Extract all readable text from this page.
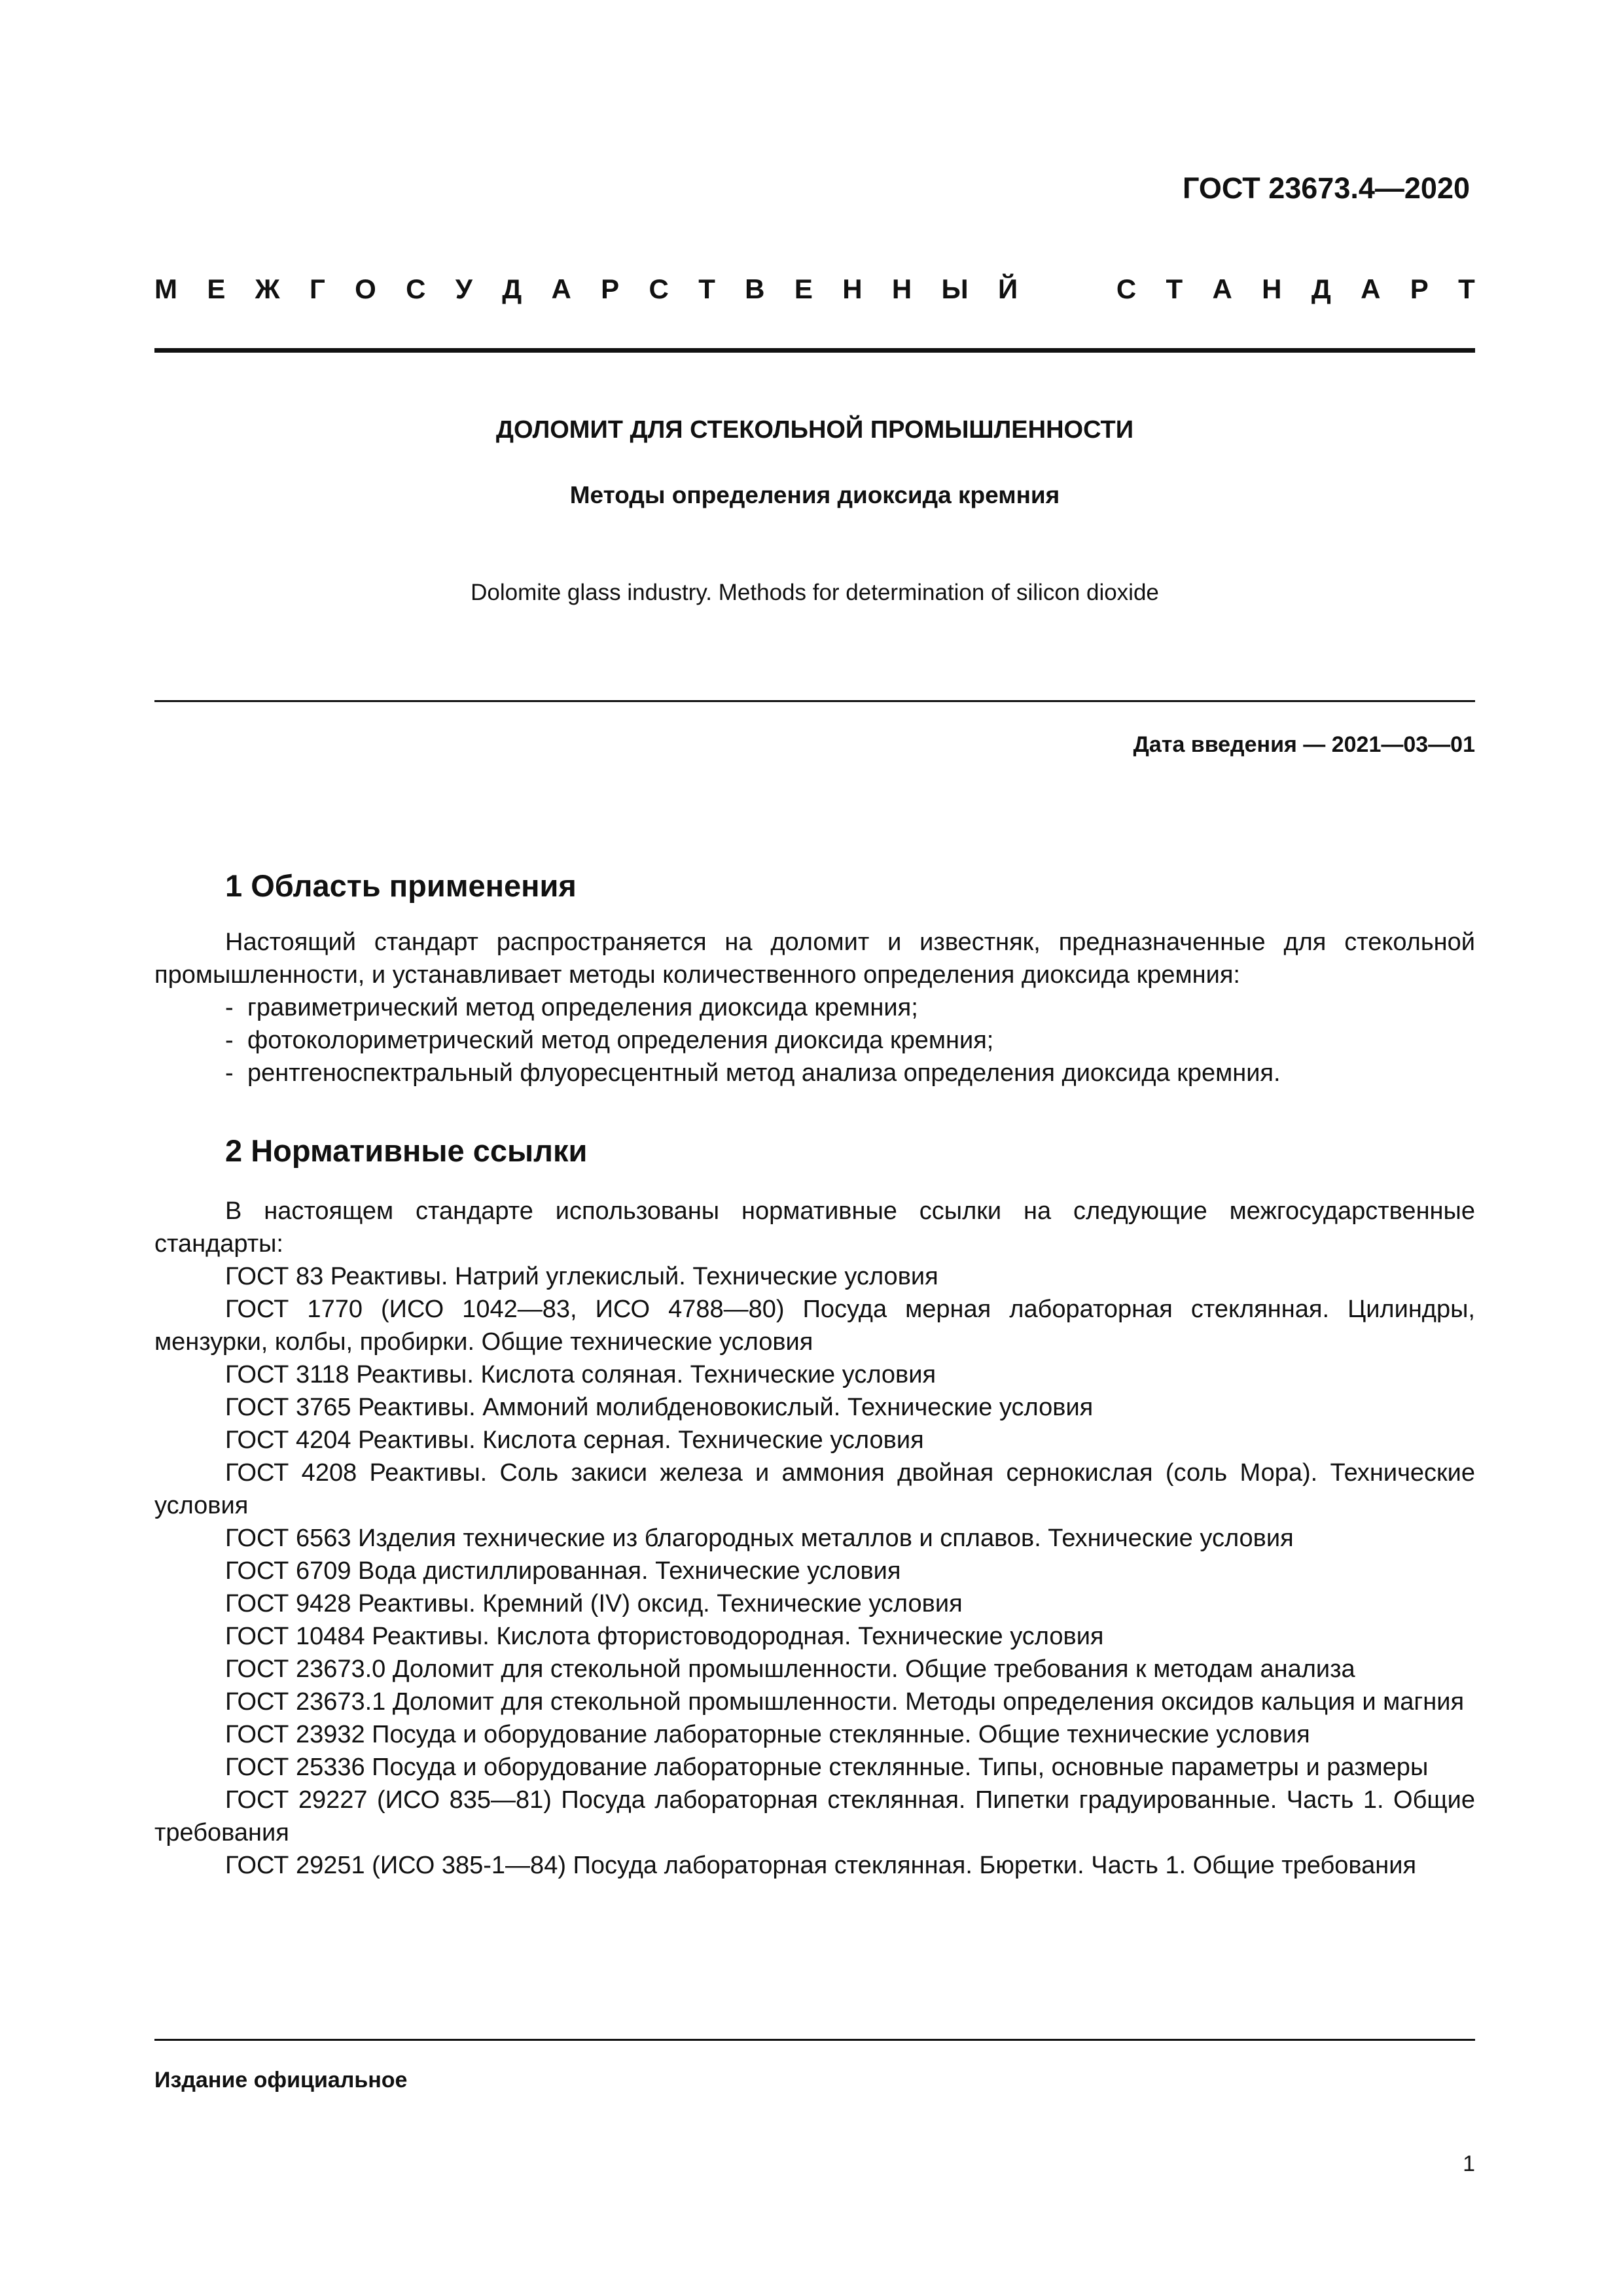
ГОСТ 23673.4—2020
М Е Ж Г О С У Д А Р С Т В Е Н Н Ы Й	С Т А Н Д А Р Т
ДОЛОМИТ ДЛЯ СТЕКОЛЬНОЙ ПРОМЫШЛЕННОСТИ
Методы определения диоксида кремния
Dolomite glass industry. Methods for determination of silicon dioxide
Дата введения — 2021—03—01
1 Область применения

Настоящий стандарт распространяется на доломит и известняк, предназначенные для стекольной промышленности, и устанавливает методы количественного определения диоксида кремния:

- гравиметрический метод определения диоксида кремния;
- фотоколориметрический метод определения диоксида кремния;
- рентгеноспектральный флуоресцентный метод анализа определения диоксида кремния.
2 Нормативные ссылки

В настоящем стандарте использованы нормативные ссылки на следующие межгосударственные стандарты:

ГОСТ 83 Реактивы. Натрий углекислый. Технические условия

ГОСТ 1770 (ИСО 1042—83, ИСО 4788—80) Посуда мерная лабораторная стеклянная. Цилиндры, мензурки, колбы, пробирки. Общие технические условия

ГОСТ 3118 Реактивы. Кислота соляная. Технические условия

ГОСТ 3765 Реактивы. Аммоний молибденовокислый. Технические условия

ГОСТ 4204 Реактивы. Кислота серная. Технические условия

ГОСТ 4208 Реактивы. Соль закиси железа и аммония двойная сернокислая (соль Мора). Технические условия

ГОСТ 6563 Изделия технические из благородных металлов и сплавов. Технические условия

ГОСТ 6709 Вода дистиллированная. Технические условия

ГОСТ 9428 Реактивы. Кремний (IV) оксид. Технические условия

ГОСТ 10484 Реактивы. Кислота фтористоводородная. Технические условия

ГОСТ 23673.0 Доломит для стекольной промышленности. Общие требования к методам анализа

ГОСТ 23673.1 Доломит для стекольной промышленности. Методы определения оксидов кальция и магния

ГОСТ 23932 Посуда и оборудование лабораторные стеклянные. Общие технические условия

ГОСТ 25336 Посуда и оборудование лабораторные стеклянные. Типы, основные параметры и размеры

ГОСТ 29227 (ИСО 835—81) Посуда лабораторная стеклянная. Пипетки градуированные. Часть 1. Общие требования

ГОСТ 29251 (ИСО 385-1—84) Посуда лабораторная стеклянная. Бюретки. Часть 1. Общие требования

Издание официальное
1
